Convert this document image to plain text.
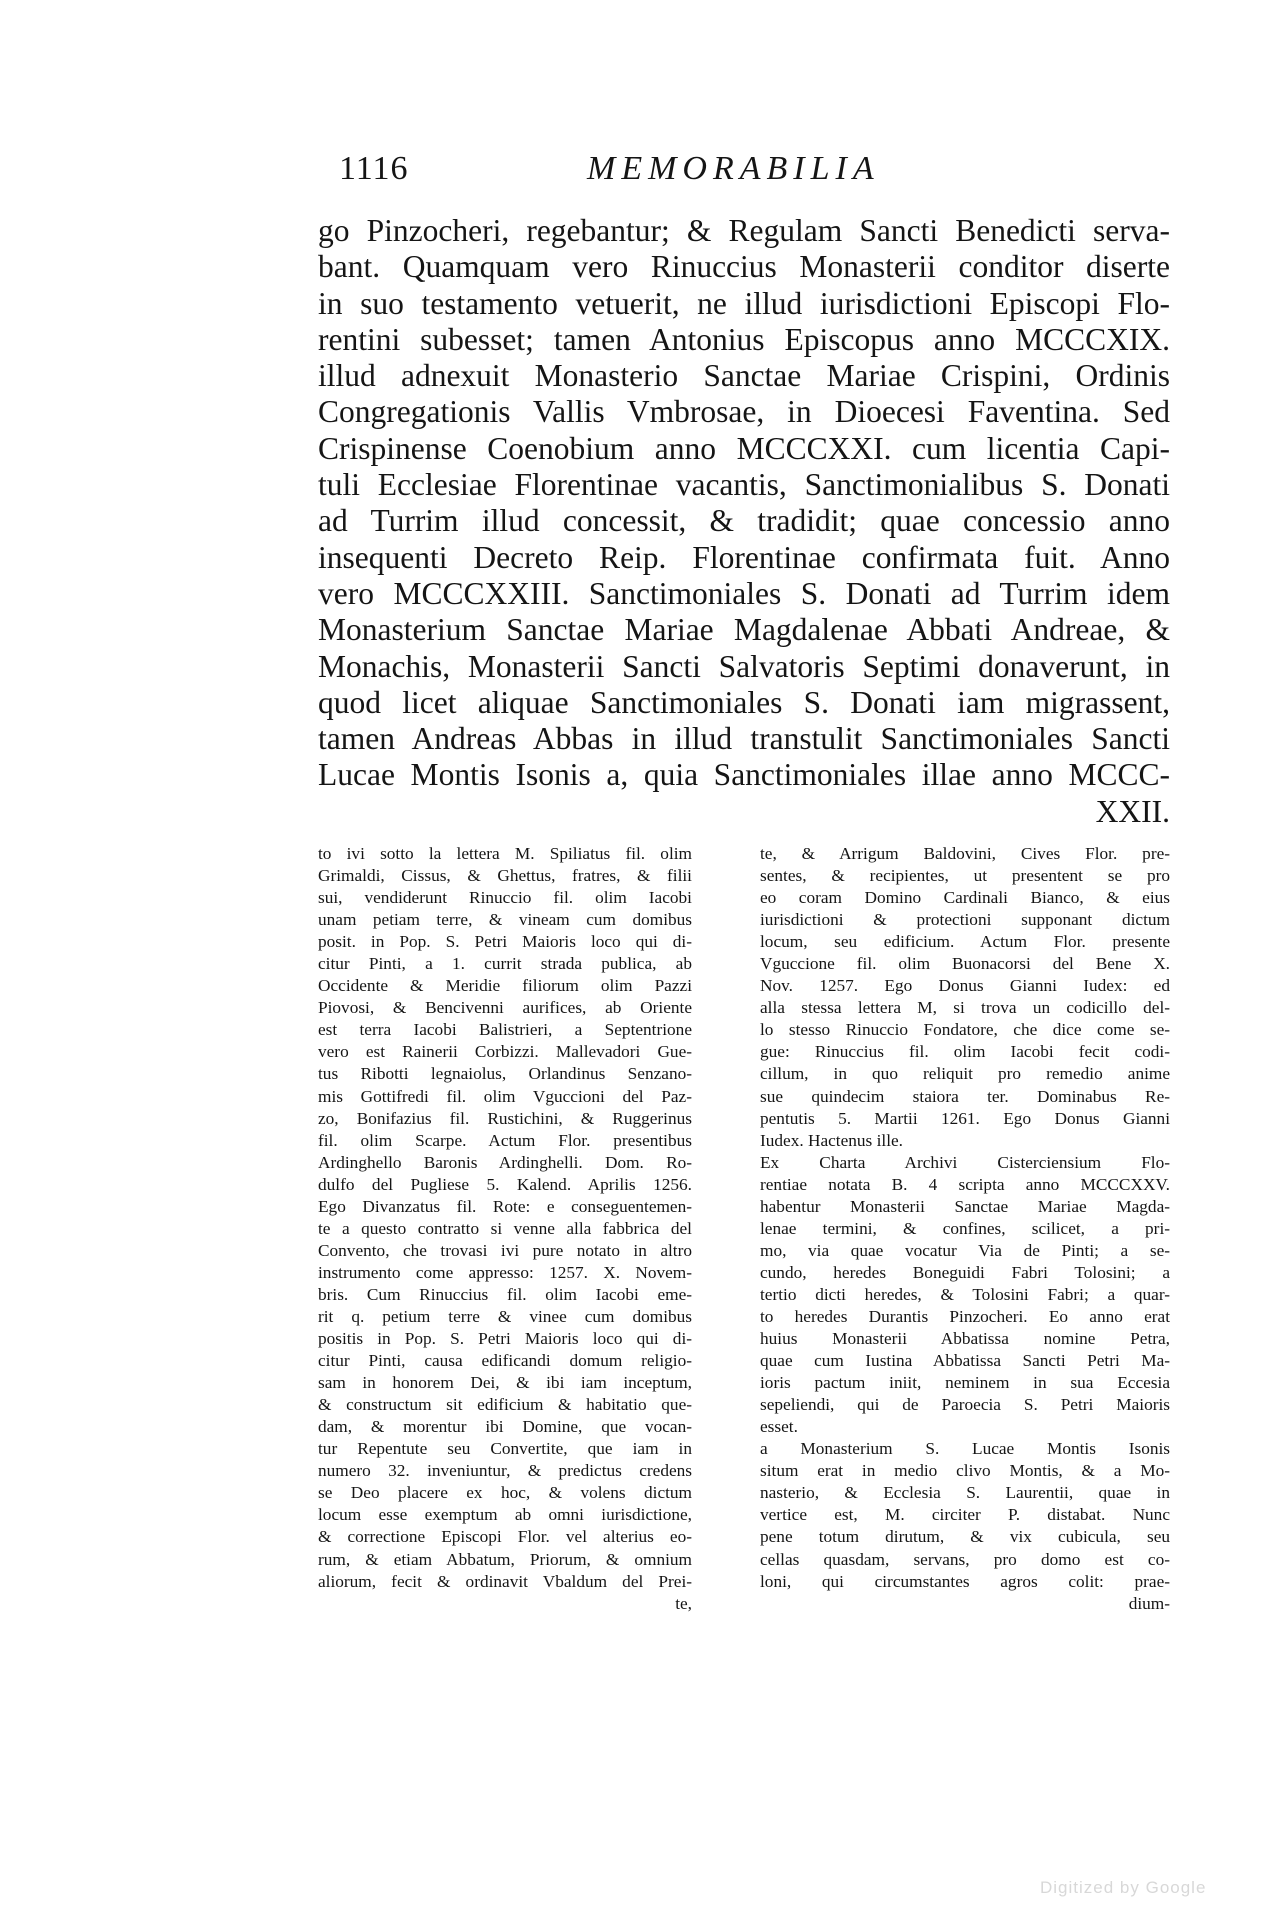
1116	MEMORABILIA
go Pinzocheri, regebantur; & Regulam Sancti Benedicti serva-
bant. Quamquam vero Rinuccius Monasterii conditor diserte
in suo testamento vetuerit, ne illud iurisdictioni Episcopi Flo-
rentini subesset; tamen Antonius Episcopus anno MCCCXIX.
illud adnexuit Monasterio Sanctae Mariae Crispini, Ordinis
Congregationis Vallis Vmbrosae, in Dioecesi Faventina. Sed
Crispinense Coenobium anno MCCCXXI. cum licentia Capi-
tuli Ecclesiae Florentinae vacantis, Sanctimonialibus S. Donati
ad Turrim illud concessit, & tradidit; quae concessio anno
insequenti Decreto Reip. Florentinae confirmata fuit. Anno
vero MCCCXXIII. Sanctimoniales S. Donati ad Turrim idem
Monasterium Sanctae Mariae Magdalenae Abbati Andreae, &
Monachis, Monasterii Sancti Salvatoris Septimi donaverunt, in
quod licet aliquae Sanctimoniales S. Donati iam migrassent,
tamen Andreas Abbas in illud transtulit Sanctimoniales Sancti
Lucae Montis Isonis a, quia Sanctimoniales illae anno MCCC-
XXII.
to ivi sotto la lettera M. Spiliatus fil. olim
Grimaldi, Cissus, & Ghettus, fratres, & filii
sui, vendiderunt Rinuccio fil. olim Iacobi
unam petiam terre, & vineam cum domibus
posit. in Pop. S. Petri Maioris loco qui di-
citur Pinti, a 1. currit strada publica, ab
Occidente & Meridie filiorum olim Pazzi
Piovosi, & Bencivenni aurifices, ab Oriente
est terra Iacobi Balistrieri, a Septentrione
vero est Rainerii Corbizzi. Mallevadori Gue-
tus Ribotti legnaiolus, Orlandinus Senzano-
mis Gottifredi fil. olim Vguccioni del Paz-
zo, Bonifazius fil. Rustichini, & Ruggerinus
fil. olim Scarpe. Actum Flor. presentibus
Ardinghello Baronis Ardinghelli. Dom. Ro-
dulfo del Pugliese 5. Kalend. Aprilis 1256.
Ego Divanzatus fil. Rote: e conseguentemen-
te a questo contratto si venne alla fabbrica del
Convento, che trovasi ivi pure notato in altro
instrumento come appresso: 1257. X. Novem-
bris. Cum Rinuccius fil. olim Iacobi eme-
rit q. petium terre & vinee cum domibus
positis in Pop. S. Petri Maioris loco qui di-
citur Pinti, causa edificandi domum religio-
sam in honorem Dei, & ibi iam inceptum,
& constructum sit edificium & habitatio que-
dam, & morentur ibi Domine, que vocan-
tur Repentute seu Convertite, que iam in
numero 32. inveniuntur, & predictus credens
se Deo placere ex hoc, & volens dictum
locum esse exemptum ab omni iurisdictione,
& correctione Episcopi Flor. vel alterius eo-
rum, & etiam Abbatum, Priorum, & omnium
aliorum, fecit & ordinavit Vbaldum del Prei-
te,
te, & Arrigum Baldovini, Cives Flor. pre-
sentes, & recipientes, ut presentent se pro
eo coram Domino Cardinali Bianco, & eius
iurisdictioni & protectioni supponant dictum
locum, seu edificium. Actum Flor. presente
Vguccione fil. olim Buonacorsi del Bene X.
Nov. 1257. Ego Donus Gianni Iudex: ed
alla stessa lettera M, si trova un codicillo del-
lo stesso Rinuccio Fondatore, che dice come se-
gue: Rinuccius fil. olim Iacobi fecit codi-
cillum, in quo reliquit pro remedio anime
sue quindecim staiora ter. Dominabus Re-
pentutis 5. Martii 1261. Ego Donus Gianni
Iudex. Hactenus ille.
Ex Charta Archivi Cisterciensium Flo-
rentiae notata B. 4 scripta anno MCCCXXV.
habentur Monasterii Sanctae Mariae Magda-
lenae termini, & confines, scilicet, a pri-
mo, via quae vocatur Via de Pinti; a se-
cundo, heredes Boneguidi Fabri Tolosini; a
tertio dicti heredes, & Tolosini Fabri; a quar-
to heredes Durantis Pinzocheri. Eo anno erat
huius Monasterii Abbatissa nomine Petra,
quae cum Iustina Abbatissa Sancti Petri Ma-
ioris pactum iniit, neminem in sua Eccesia
sepeliendi, qui de Paroecia S. Petri Maioris
esset.
a Monasterium S. Lucae Montis Isonis
situm erat in medio clivo Montis, & a Mo-
nasterio, & Ecclesia S. Laurentii, quae in
vertice est, M. circiter P. distabat. Nunc
pene totum dirutum, & vix cubicula, seu
cellas quasdam, servans, pro domo est co-
loni, qui circumstantes agros colit: prae-
dium-
Digitized by Google
